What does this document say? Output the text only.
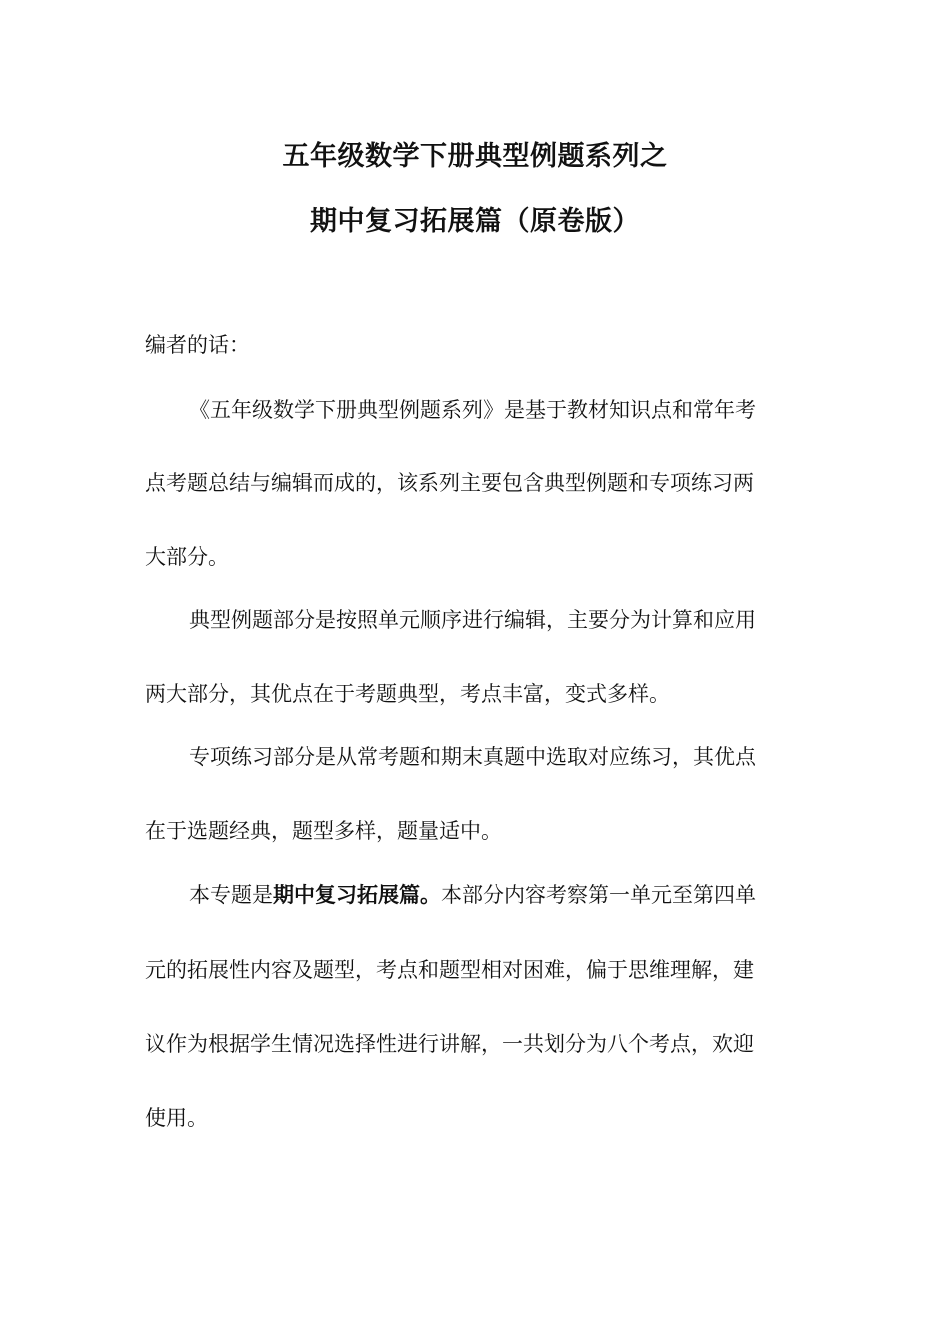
五年级数学下册典型例题系列之
期中复习拓展篇（原卷版）
编者的话：
《五年级数学下册典型例题系列》是基于教材知识点和常年考
点考题总结与编辑而成的，该系列主要包含典型例题和专项练习两
大部分。
典型例题部分是按照单元顺序进行编辑，主要分为计算和应用
两大部分，其优点在于考题典型，考点丰富，变式多样。
专项练习部分是从常考题和期末真题中选取对应练习，其优点
在于选题经典，题型多样，题量适中。
本专题是期中复习拓展篇。本部分内容考察第一单元至第四单
元的拓展性内容及题型，考点和题型相对困难，偏于思维理解，建
议作为根据学生情况选择性进行讲解，一共划分为八个考点，欢迎
使用。
